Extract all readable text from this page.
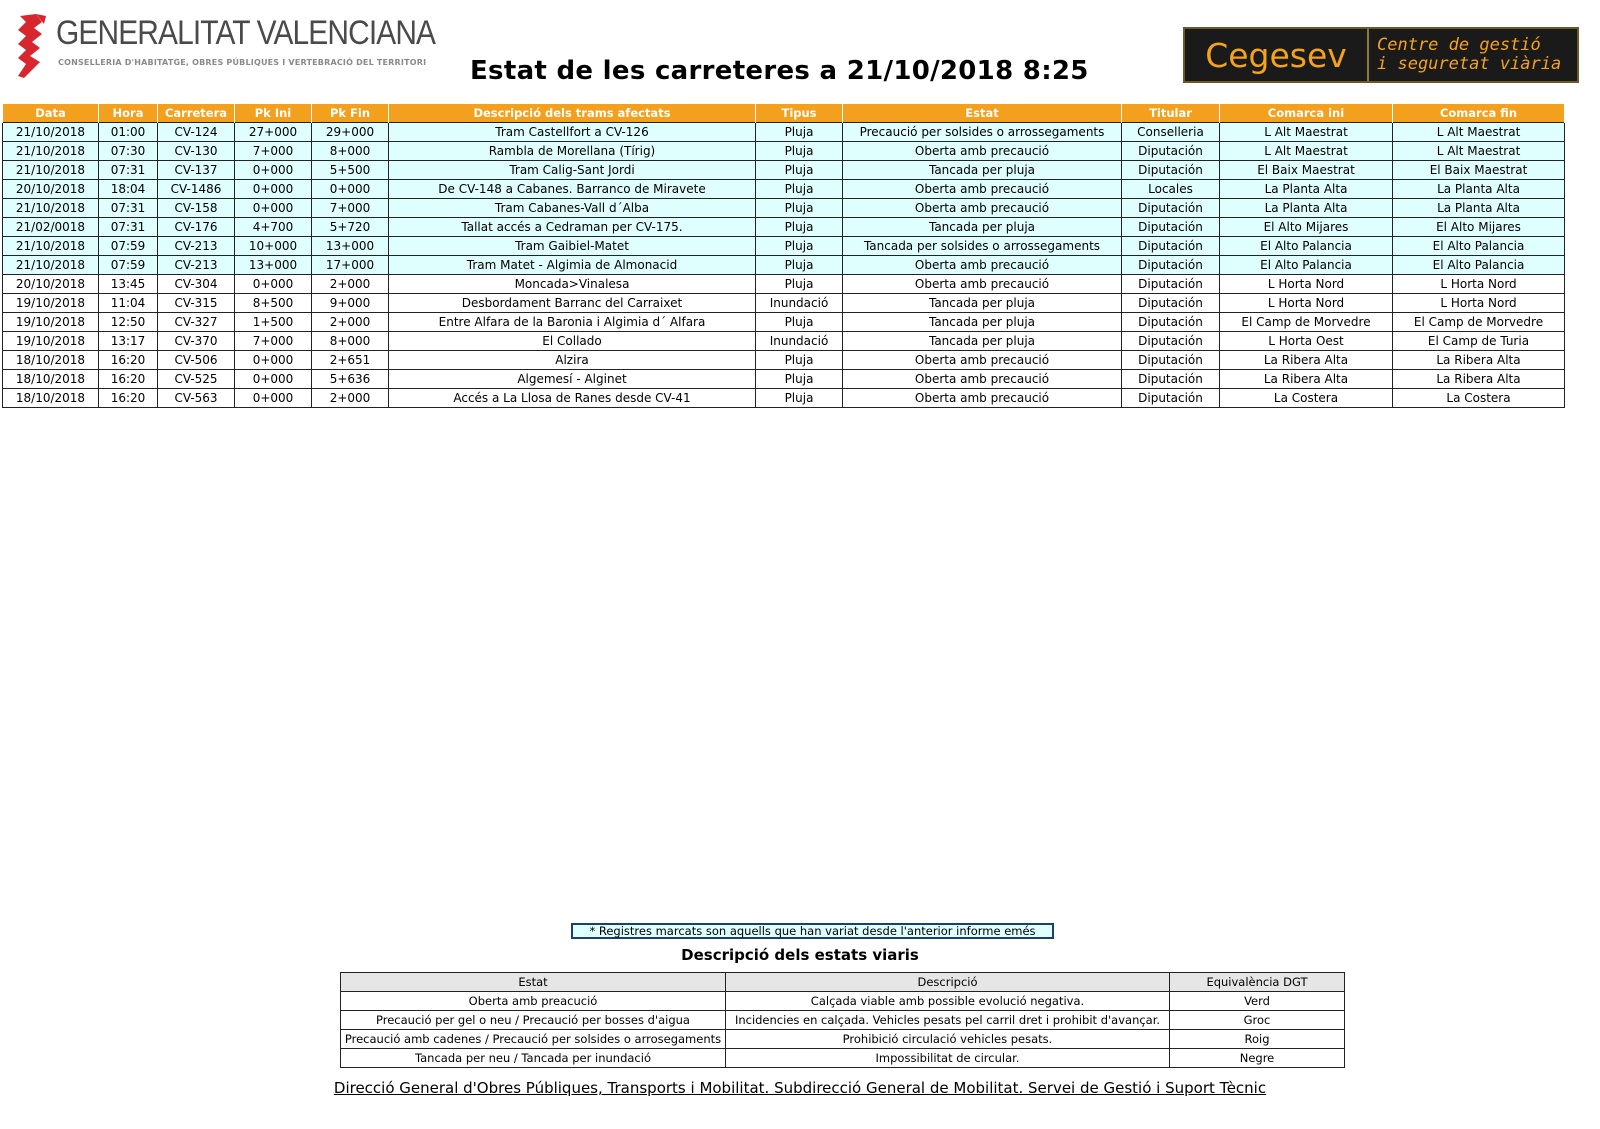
GENERALITAT VALENCIANA
CONSELLERIA D'HABITATGE, OBRES PÚBLIQUES I VERTEBRACIÓ DEL TERRITORI Estat de les carreteres a 21/10/2018 8:25	Cegesev	Centre de gestió
i seguretat viària
Data	Hora	Carretera	Pk Ini	Pk Fin	Descripció dels trams afectats	Tipus	Estat	Titular	Comarca ini	Comarca fin
21/10/2018	01:00	CV-124	27+000	29+000	Tram Castellfort a CV-126	Pluja	Precaució per solsides o arrossegaments	Conselleria	L Alt Maestrat	L Alt Maestrat
21/10/2018	07:30	CV-130	7+000	8+000	Rambla de Morellana (Tírig)	Pluja	Oberta amb precaució	Diputación	L Alt Maestrat	L Alt Maestrat
21/10/2018	07:31	CV-137	0+000	5+500	Tram Calig-Sant Jordi	Pluja	Tancada per pluja	Diputación	El Baix Maestrat	El Baix Maestrat
20/10/2018	18:04	CV-1486	0+000	0+000	De CV-148 a Cabanes. Barranco de Miravete	Pluja	Oberta amb precaució	Locales	La Planta Alta	La Planta Alta
21/10/2018	07:31	CV-158	0+000	7+000	Tram Cabanes-Vall d´Alba	Pluja	Oberta amb precaució	Diputación	La Planta Alta	La Planta Alta
21/02/0018	07:31	CV-176	4+700	5+720	Tallat accés a Cedraman per CV-175.	Pluja	Tancada per pluja	Diputación	El Alto Mijares	El Alto Mijares
21/10/2018	07:59	CV-213	10+000	13+000	Tram Gaibiel-Matet	Pluja	Tancada per solsides o arrossegaments	Diputación	El Alto Palancia	El Alto Palancia
21/10/2018	07:59	CV-213	13+000	17+000	Tram Matet - Algimia de Almonacid	Pluja	Oberta amb precaució	Diputación	El Alto Palancia	El Alto Palancia
20/10/2018	13:45	CV-304	0+000	2+000	Moncada>Vinalesa	Pluja	Oberta amb precaució	Diputación	L Horta Nord	L Horta Nord
19/10/2018	11:04	CV-315	8+500	9+000	Desbordament Barranc del Carraixet	Inundació	Tancada per pluja	Diputación	L Horta Nord	L Horta Nord
19/10/2018	12:50	CV-327	1+500	2+000	Entre Alfara de la Baronia i Algimia d´ Alfara	Pluja	Tancada per pluja	Diputación	El Camp de Morvedre	El Camp de Morvedre
19/10/2018	13:17	CV-370	7+000	8+000	El Collado	Inundació	Tancada per pluja	Diputación	L Horta Oest	El Camp de Turia
18/10/2018	16:20	CV-506	0+000	2+651	Alzira	Pluja	Oberta amb precaució	Diputación	La Ribera Alta	La Ribera Alta
18/10/2018	16:20	CV-525	0+000	5+636	Algemesí - Alginet	Pluja	Oberta amb precaució	Diputación	La Ribera Alta	La Ribera Alta
18/10/2018	16:20	CV-563	0+000	2+000	Accés a La Llosa de Ranes desde CV-41	Pluja	Oberta amb precaució	Diputación	La Costera	La Costera
* Registres marcats son aquells que han variat desde l'anterior informe emés
Descripció dels estats viaris
Estat	Descripció	Equivalència DGT
Oberta amb preacució	Calçada viable amb possible evolució negativa.	Verd
Precaució per gel o neu / Precaució per bosses d'aigua	Incidencies en calçada. Vehicles pesats pel carril dret i prohibit d'avançar.	Groc
Precaució amb cadenes / Precaució per solsides o arrosegaments	Prohibició circulació vehicles pesats.	Roig
Tancada per neu / Tancada per inundació	Impossibilitat de circular.	Negre
Direcció General d'Obres Públiques, Transports i Mobilitat. Subdirecció General de Mobilitat. Servei de Gestió i Suport Tècnic
